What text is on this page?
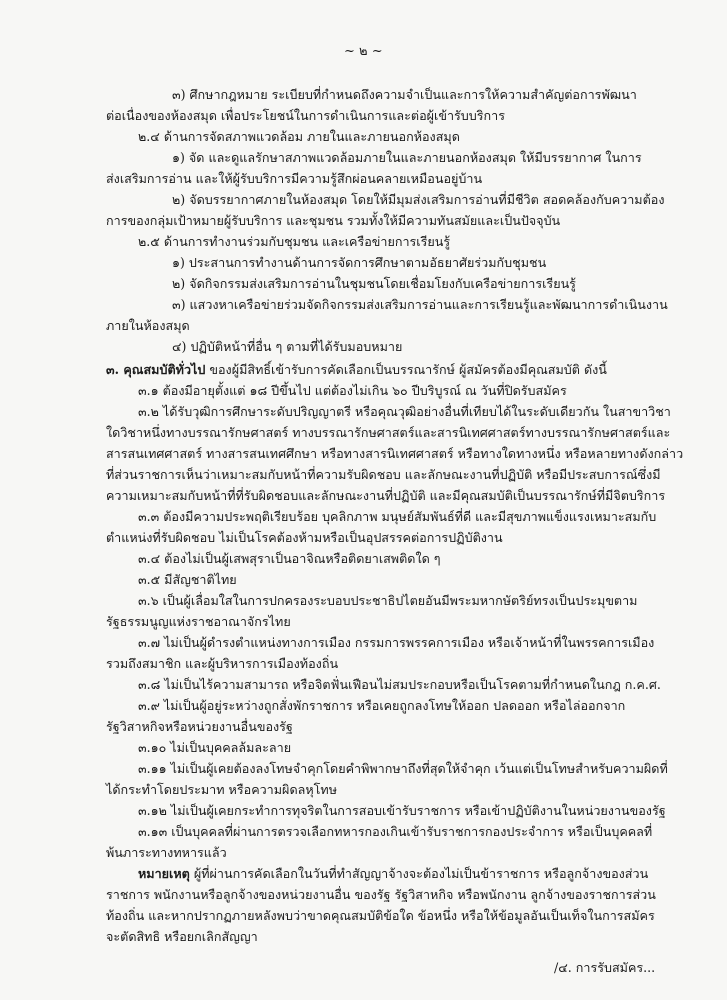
~ ๒ ~
๓) ศึกษากฎหมาย ระเบียบที่กำหนดถึงความจำเป็นและการให้ความสำคัญต่อการพัฒนา
ต่อเนื่องของห้องสมุด เพื่อประโยชน์ในการดำเนินการและต่อผู้เข้ารับบริการ
๒.๔ ด้านการจัดสภาพแวดล้อม ภายในและภายนอกห้องสมุด
๑) จัด และดูแลรักษาสภาพแวดล้อมภายในและภายนอกห้องสมุด ให้มีบรรยากาศ ในการ
ส่งเสริมการอ่าน และให้ผู้รับบริการมีความรู้สึกผ่อนคลายเหมือนอยู่บ้าน
๒) จัดบรรยากาศภายในห้องสมุด โดยให้มีมุมส่งเสริมการอ่านที่มีชีวิต สอดคล้องกับความต้อง
การของกลุ่มเป้าหมายผู้รับบริการ และชุมชน รวมทั้งให้มีความทันสมัยและเป็นปัจจุบัน
๒.๕ ด้านการทำงานร่วมกับชุมชน และเครือข่ายการเรียนรู้
๑) ประสานการทำงานด้านการจัดการศึกษาตามอัธยาศัยร่วมกับชุมชน
๒) จัดกิจกรรมส่งเสริมการอ่านในชุมชนโดยเชื่อมโยงกับเครือข่ายการเรียนรู้
๓) แสวงหาเครือข่ายร่วมจัดกิจกรรมส่งเสริมการอ่านและการเรียนรู้และพัฒนาการดำเนินงาน
ภายในห้องสมุด
๔) ปฏิบัติหน้าที่อื่น ๆ ตามที่ได้รับมอบหมาย
๓. คุณสมบัติทั่วไป ของผู้มีสิทธิ์เข้ารับการคัดเลือกเป็นบรรณารักษ์ ผู้สมัครต้องมีคุณสมบัติ ดังนี้
๓.๑ ต้องมีอายุตั้งแต่ ๑๘ ปีขึ้นไป แต่ต้องไม่เกิน ๖๐ ปีบริบูรณ์ ณ วันที่ปิดรับสมัคร
๓.๒ ได้รับวุฒิการศึกษาระดับปริญญาตรี หรือคุณวุฒิอย่างอื่นที่เทียบได้ในระดับเดียวกัน ในสาขาวิชา
ใดวิชาหนึ่งทางบรรณารักษศาสตร์ ทางบรรณารักษศาสตร์และสารนิเทศศาสตร์ทางบรรณารักษศาสตร์และ
สารสนเทศศาสตร์ ทางสารสนเทศศึกษา หรือทางสารนิเทศศาสตร์ หรือทางใดทางหนึ่ง หรือหลายทางดังกล่าว
ที่ส่วนราชการเห็นว่าเหมาะสมกับหน้าที่ความรับผิดชอบ และลักษณะงานที่ปฏิบัติ หรือมีประสบการณ์ซึ่งมี
ความเหมาะสมกับหน้าที่ที่รับผิดชอบและลักษณะงานที่ปฏิบัติ และมีคุณสมบัติเป็นบรรณารักษ์ที่มีจิตบริการ
๓.๓ ต้องมีความประพฤติเรียบร้อย บุคลิกภาพ มนุษย์สัมพันธ์ที่ดี และมีสุขภาพแข็งแรงเหมาะสมกับ
ตำแหน่งที่รับผิดชอบ ไม่เป็นโรคต้องห้ามหรือเป็นอุปสรรคต่อการปฏิบัติงาน
๓.๔ ต้องไม่เป็นผู้เสพสุราเป็นอาจิณหรือติดยาเสพติดใด ๆ
๓.๕ มีสัญชาติไทย
๓.๖ เป็นผู้เลื่อมใสในการปกครองระบอบประชาธิปไตยอันมีพระมหากษัตริย์ทรงเป็นประมุขตาม
รัฐธรรมนูญแห่งราชอาณาจักรไทย
๓.๗ ไม่เป็นผู้ดำรงตำแหน่งทางการเมือง กรรมการพรรคการเมือง หรือเจ้าหน้าที่ในพรรคการเมือง
รวมถึงสมาชิก และผู้บริหารการเมืองท้องถิ่น
๓.๘ ไม่เป็นไร้ความสามารถ หรือจิตฟั่นเฟือนไม่สมประกอบหรือเป็นโรคตามที่กำหนดในกฎ ก.ค.ศ.
๓.๙ ไม่เป็นผู้อยู่ระหว่างถูกสั่งพักราชการ หรือเคยถูกลงโทษให้ออก ปลดออก หรือไล่ออกจาก
รัฐวิสาหกิจหรือหน่วยงานอื่นของรัฐ
๓.๑๐ ไม่เป็นบุคคลล้มละลาย
๓.๑๑ ไม่เป็นผู้เคยต้องลงโทษจำคุกโดยคำพิพากษาถึงที่สุดให้จำคุก เว้นแต่เป็นโทษสำหรับความผิดที่
ได้กระทำโดยประมาท หรือความผิดลหุโทษ
๓.๑๒ ไม่เป็นผู้เคยกระทำการทุจริตในการสอบเข้ารับราชการ หรือเข้าปฏิบัติงานในหน่วยงานของรัฐ
๓.๑๓ เป็นบุคคลที่ผ่านการตรวจเลือกทหารกองเกินเข้ารับราชการกองประจำการ หรือเป็นบุคคลที่
พ้นภาระทางทหารแล้ว
หมายเหตุ ผู้ที่ผ่านการคัดเลือกในวันที่ทำสัญญาจ้างจะต้องไม่เป็นข้าราชการ หรือลูกจ้างของส่วน
ราชการ พนักงานหรือลูกจ้างของหน่วยงานอื่น ของรัฐ รัฐวิสาหกิจ หรือพนักงาน ลูกจ้างของราชการส่วน
ท้องถิ่น และหากปรากฏภายหลังพบว่าขาดคุณสมบัติข้อใด ข้อหนึ่ง หรือให้ข้อมูลอันเป็นเท็จในการสมัคร
จะตัดสิทธิ หรือยกเลิกสัญญา
/๔. การรับสมัคร...
